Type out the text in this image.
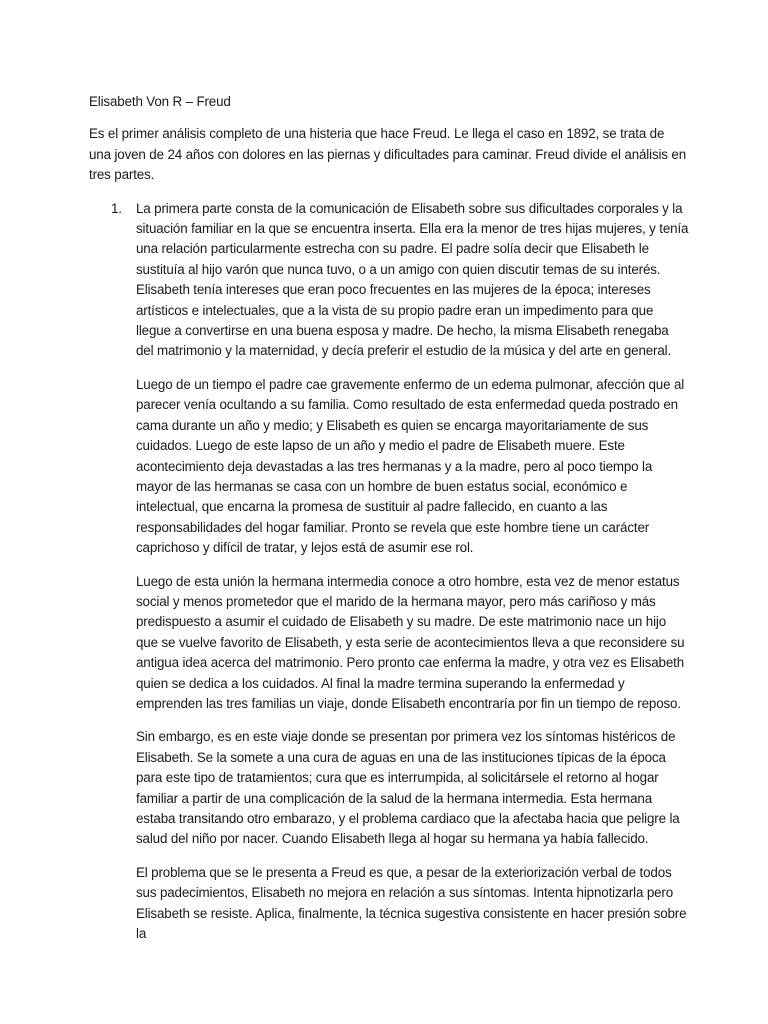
Elisabeth Von R – Freud

Es el primer análisis completo de una histeria que hace Freud. Le llega el caso en 1892, se trata de una joven de 24 años con dolores en las piernas y dificultades para caminar. Freud divide el análisis en tres partes.

1. La primera parte consta de la comunicación de Elisabeth sobre sus dificultades corporales y la situación familiar en la que se encuentra inserta. Ella era la menor de tres hijas mujeres, y tenía una relación particularmente estrecha con su padre. El padre solía decir que Elisabeth le sustituía al hijo varón que nunca tuvo, o a un amigo con quien discutir temas de su interés. Elisabeth tenía intereses que eran poco frecuentes en las mujeres de la época; intereses artísticos e intelectuales, que a la vista de su propio padre eran un impedimento para que llegue a convertirse en una buena esposa y madre. De hecho, la misma Elisabeth renegaba del matrimonio y la maternidad, y decía preferir el estudio de la música y del arte en general.

Luego de un tiempo el padre cae gravemente enfermo de un edema pulmonar, afección que al parecer venía ocultando a su familia. Como resultado de esta enfermedad queda postrado en cama durante un año y medio; y Elisabeth es quien se encarga mayoritariamente de sus cuidados. Luego de este lapso de un año y medio el padre de Elisabeth muere. Este acontecimiento deja devastadas a las tres hermanas y a la madre, pero al poco tiempo la mayor de las hermanas se casa con un hombre de buen estatus social, económico e intelectual, que encarna la promesa de sustituir al padre fallecido, en cuanto a las responsabilidades del hogar familiar. Pronto se revela que este hombre tiene un carácter caprichoso y difícil de tratar, y lejos está de asumir ese rol.

Luego de esta unión la hermana intermedia conoce a otro hombre, esta vez de menor estatus social y menos prometedor que el marido de la hermana mayor, pero más cariñoso y más predispuesto a asumir el cuidado de Elisabeth y su madre. De este matrimonio nace un hijo que se vuelve favorito de Elisabeth, y esta serie de acontecimientos lleva a que reconsidere su antigua idea acerca del matrimonio. Pero pronto cae enferma la madre, y otra vez es Elisabeth quien se dedica a los cuidados. Al final la madre termina superando la enfermedad y emprenden las tres familias un viaje, donde Elisabeth encontraría por fin un tiempo de reposo.

Sin embargo, es en este viaje donde se presentan por primera vez los síntomas histéricos de Elisabeth. Se la somete a una cura de aguas en una de las instituciones típicas de la época para este tipo de tratamientos; cura que es interrumpida, al solicitársele el retorno al hogar familiar a partir de una complicación de la salud de la hermana intermedia. Esta hermana estaba transitando otro embarazo, y el problema cardiaco que la afectaba hacia que peligre la salud del niño por nacer. Cuando Elisabeth llega al hogar su hermana ya había fallecido.

El problema que se le presenta a Freud es que, a pesar de la exteriorización verbal de todos sus padecimientos, Elisabeth no mejora en relación a sus síntomas. Intenta hipnotizarla pero Elisabeth se resiste. Aplica, finalmente, la técnica sugestiva consistente en hacer presión sobre la
